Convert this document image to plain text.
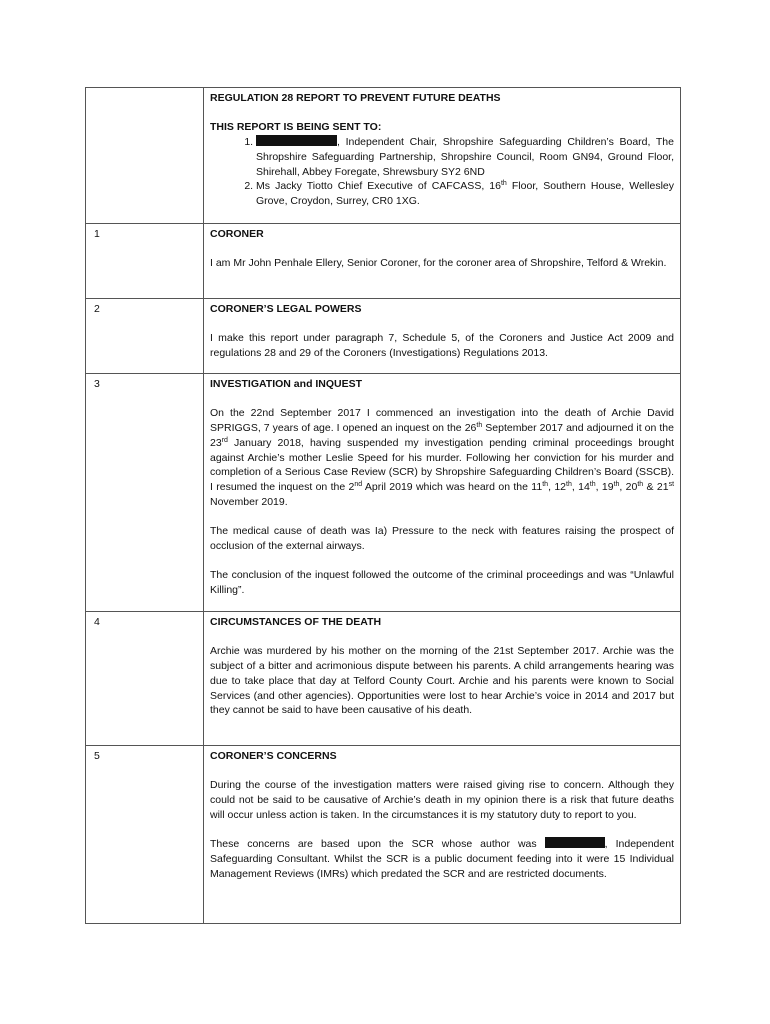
REGULATION 28 REPORT TO PREVENT FUTURE DEATHS
THIS REPORT IS BEING SENT TO:
1. , Independent Chair, Shropshire Safeguarding Children’s Board, The Shropshire Safeguarding Partnership, Shropshire Council, Room GN94, Ground Floor, Shirehall, Abbey Foregate, Shrewsbury SY2 6ND
2. Ms Jacky Tiotto Chief Executive of CAFCASS, 16th Floor, Southern House, Wellesley Grove, Croydon, Surrey, CR0 1XG.
1	CORONER
I am Mr John Penhale Ellery, Senior Coroner, for the coroner area of Shropshire, Telford & Wrekin.
2	CORONER’S LEGAL POWERS
I make this report under paragraph 7, Schedule 5, of the Coroners and Justice Act 2009 and regulations 28 and 29 of the Coroners (Investigations) Regulations 2013.
3	INVESTIGATION and INQUEST
On the 22nd September 2017 I commenced an investigation into the death of Archie David SPRIGGS, 7 years of age. I opened an inquest on the 26th September 2017 and adjourned it on the 23rd January 2018, having suspended my investigation pending criminal proceedings brought against Archie’s mother Leslie Speed for his murder. Following her conviction for his murder and completion of a Serious Case Review (SCR) by Shropshire Safeguarding Children’s Board (SSCB). I resumed the inquest on the 2nd April 2019 which was heard on the 11th, 12th, 14th, 19th, 20th & 21st November 2019.
The medical cause of death was Ia) Pressure to the neck with features raising the prospect of occlusion of the external airways.
The conclusion of the inquest followed the outcome of the criminal proceedings and was “Unlawful Killing”.
4	CIRCUMSTANCES OF THE DEATH
Archie was murdered by his mother on the morning of the 21st September 2017. Archie was the subject of a bitter and acrimonious dispute between his parents. A child arrangements hearing was due to take place that day at Telford County Court. Archie and his parents were known to Social Services (and other agencies). Opportunities were lost to hear Archie’s voice in 2014 and 2017 but they cannot be said to have been causative of his death.
5	CORONER’S CONCERNS
During the course of the investigation matters were raised giving rise to concern. Although they could not be said to be causative of Archie’s death in my opinion there is a risk that future deaths will occur unless action is taken. In the circumstances it is my statutory duty to report to you.
These concerns are based upon the SCR whose author was	, Independent Safeguarding Consultant. Whilst the SCR is a public document feeding into it were 15 Individual Management Reviews (IMRs) which predated the SCR and are restricted documents.
